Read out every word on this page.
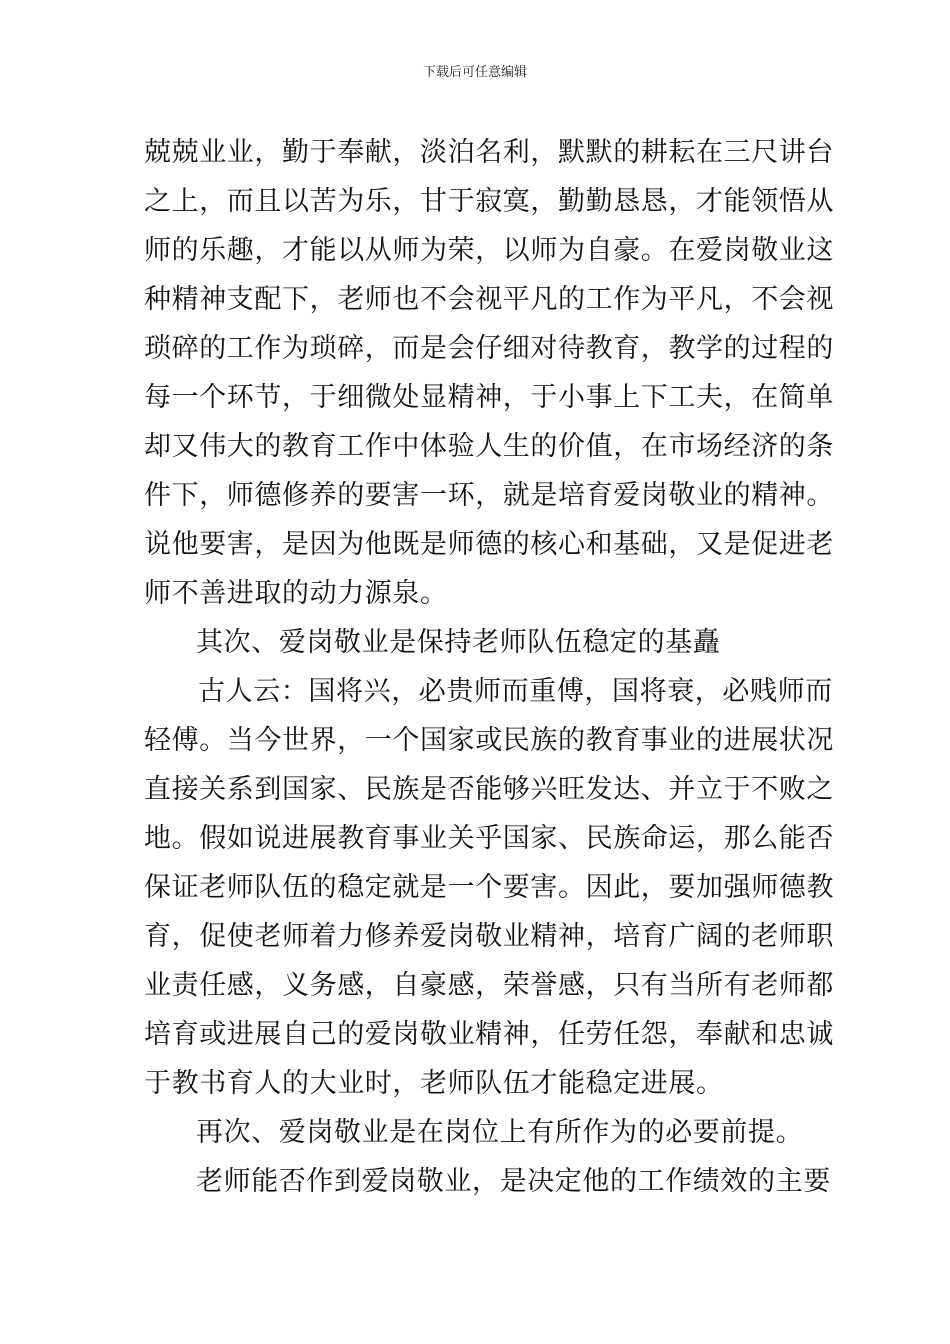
下载后可任意编辑
兢兢业业，勤于奉献，淡泊名利，默默的耕耘在三尺讲台
之上，而且以苦为乐，甘于寂寞，勤勤恳恳，才能领悟从
师的乐趣，才能以从师为荣，以师为自豪。在爱岗敬业这
种精神支配下，老师也不会视平凡的工作为平凡，不会视
琐碎的工作为琐碎，而是会仔细对待教育，教学的过程的
每一个环节，于细微处显精神，于小事上下工夫，在简单
却又伟大的教育工作中体验人生的价值，在市场经济的条
件下，师德修养的要害一环，就是培育爱岗敬业的精神。
说他要害，是因为他既是师德的核心和基础，又是促进老
师不善进取的动力源泉。
其次、爱岗敬业是保持老师队伍稳定的基矗
古人云：国将兴，必贵师而重傅，国将衰，必贱师而
轻傅。当今世界，一个国家或民族的教育事业的进展状况
直接关系到国家、民族是否能够兴旺发达、并立于不败之
地。假如说进展教育事业关乎国家、民族命运，那么能否
保证老师队伍的稳定就是一个要害。因此，要加强师德教
育，促使老师着力修养爱岗敬业精神，培育广阔的老师职
业责任感，义务感，自豪感，荣誉感，只有当所有老师都
培育或进展自己的爱岗敬业精神，任劳任怨，奉献和忠诚
于教书育人的大业时，老师队伍才能稳定进展。
再次、爱岗敬业是在岗位上有所作为的必要前提。
老师能否作到爱岗敬业，是决定他的工作绩效的主要
